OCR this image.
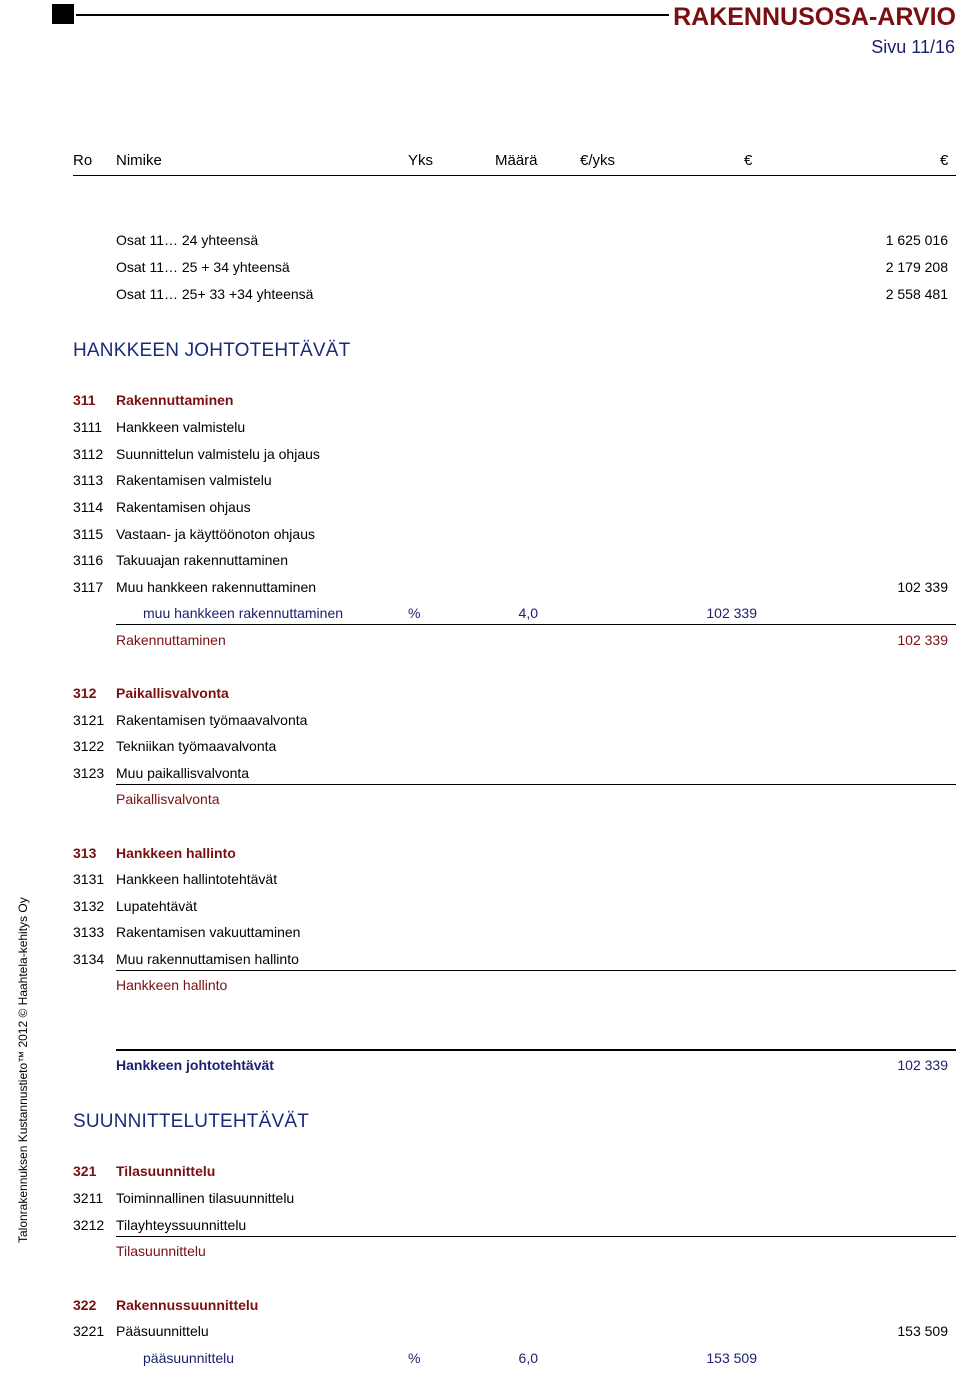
RAKENNUSOSA-ARVIO
Sivu 11/16
Ro Nimike	Yks	Määrä	€/yks	€	€
Osat 11… 24 yhteensä	1 625 016
Osat 11… 25 + 34 yhteensä	2 179 208
Osat 11… 25+ 33 +34 yhteensä	2 558 481
HANKKEEN JOHTOTEHTÄVÄT
311 Rakennuttaminen
3111 Hankkeen valmistelu
3112 Suunnittelun valmistelu ja ohjaus
3113 Rakentamisen valmistelu
3114 Rakentamisen ohjaus
3115 Vastaan- ja käyttöönoton ohjaus
3116 Takuuajan rakennuttaminen
3117 Muu hankkeen rakennuttaminen	102 339
muu hankkeen rakennuttaminen	%	4,0	102 339
Rakennuttaminen	102 339
312 Paikallisvalvonta
3121 Rakentamisen työmaavalvonta
3122 Tekniikan työmaavalvonta
3123 Muu paikallisvalvonta
Paikallisvalvonta
313 Hankkeen hallinto
3131 Hankkeen hallintotehtävät
3132 Lupatehtävät
3133 Rakentamisen vakuuttaminen
3134 Muu rakennuttamisen hallinto
Hankkeen hallinto
Hankkeen johtotehtävät	102 339
SUUNNITTELUTEHTÄVÄT
321 Tilasuunnittelu
3211 Toiminnallinen tilasuunnittelu
3212 Tilayhteyssuunnittelu
Tilasuunnittelu
322 Rakennussuunnittelu
3221 Pääsuunnittelu	153 509
pääsuunnittelu	%	6,0	153 509
Talonrakennuksen Kustannustieto™ 2012 © Haahtela-kehitys Oy
